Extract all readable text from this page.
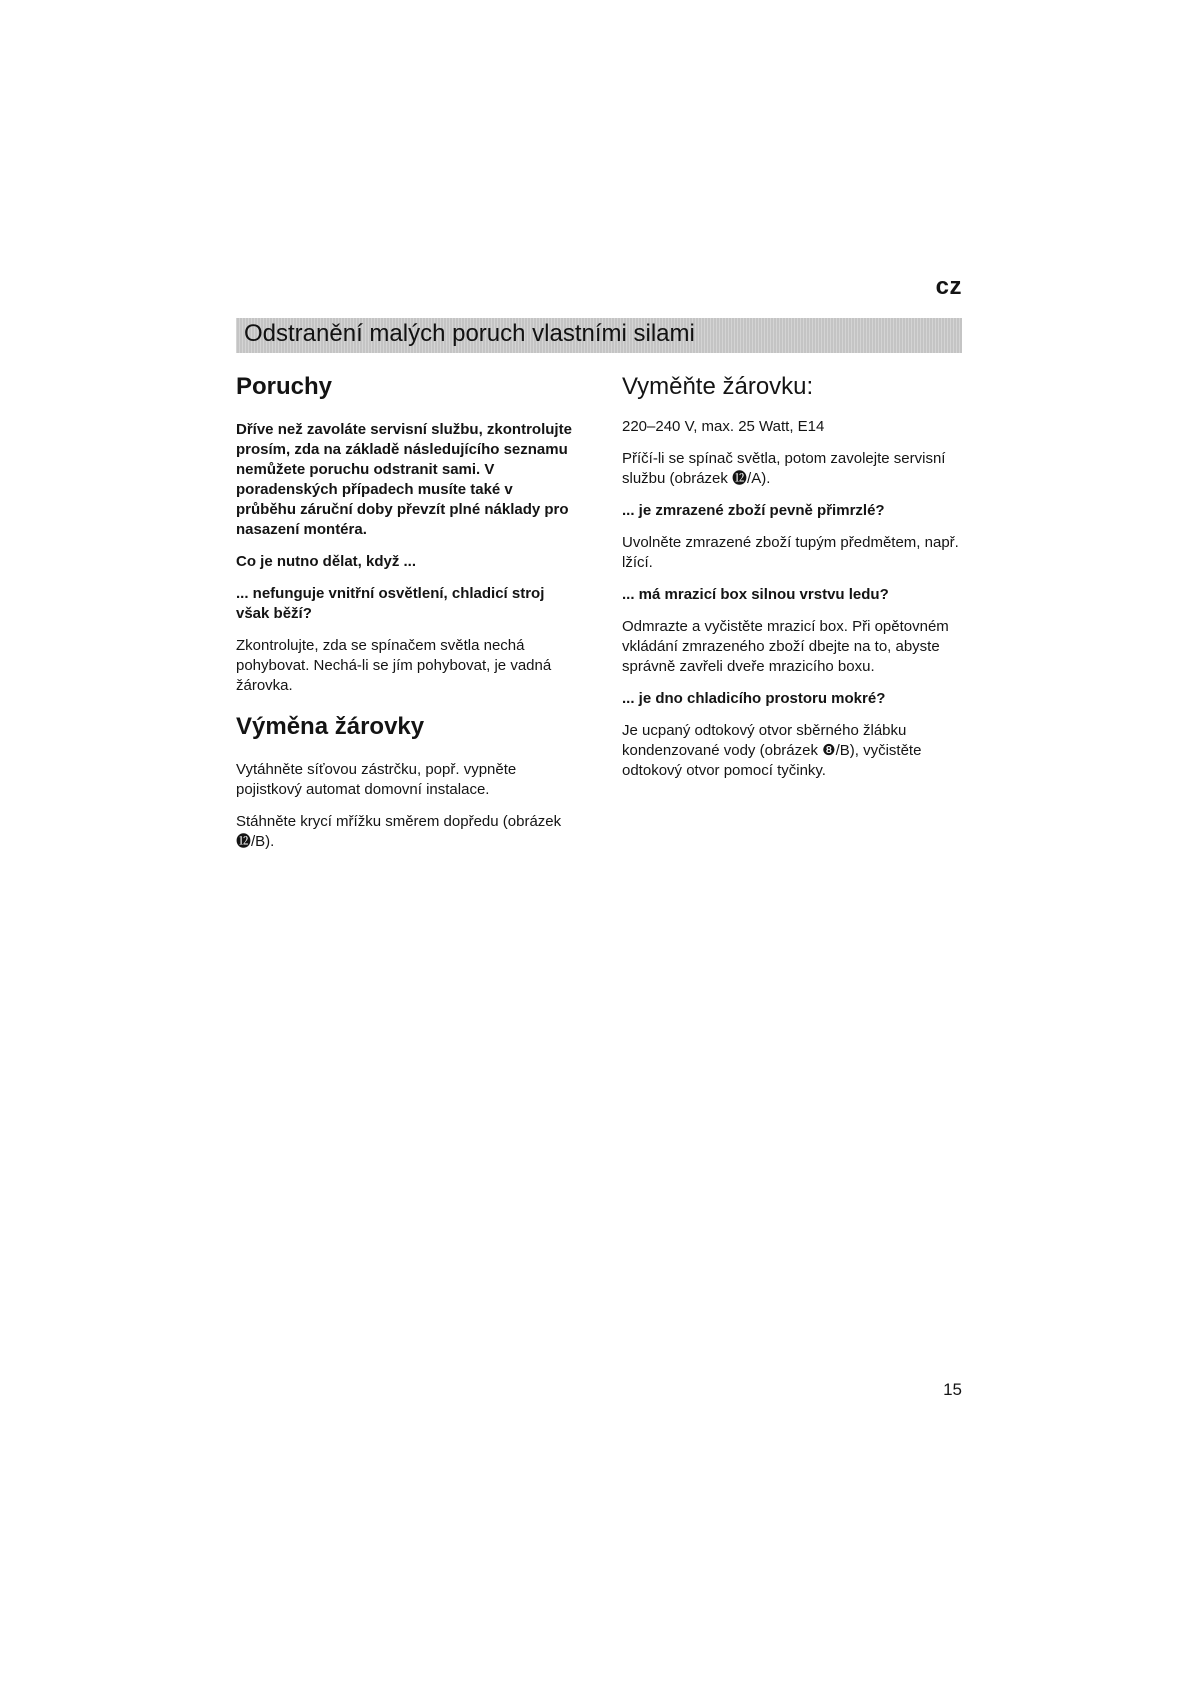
cz
Odstranění malých poruch vlastními silami
Poruchy

Dříve než zavoláte servisní službu, zkontrolujte prosím, zda na základě následujícího seznamu nemůžete poruchu odstranit sami. V poradenských případech musíte také v průběhu záruční doby převzít plné náklady pro nasazení montéra.

Co je nutno dělat, když ...

... nefunguje vnitřní osvětlení, chladicí stroj však běží?

Zkontrolujte, zda se spínačem světla nechá pohybovat. Nechá-li se jím pohybovat, je vadná žárovka.

Výměna žárovky

Vytáhněte síťovou zástrčku, popř. vypněte pojistkový automat domovní instalace.

Stáhněte krycí mřížku směrem dopředu (obrázek ⓬/B).

Vyměňte žárovku:

220–240 V, max. 25 Watt, E14

Příčí-li se spínač světla, potom zavolejte servisní službu (obrázek ⓬/A).

... je zmrazené zboží pevně přimrzlé?

Uvolněte zmrazené zboží tupým předmětem, např. lžící.

... má mrazicí box silnou vrstvu ledu?

Odmrazte a vyčistěte mrazicí box. Při opětovném vkládání zmrazeného zboží dbejte na to, abyste správně zavřeli dveře mrazicího boxu.

... je dno chladicího prostoru mokré?

Je ucpaný odtokový otvor sběrného žlábku kondenzované vody (obrázek ❽/B), vyčistěte odtokový otvor pomocí tyčinky.

15
